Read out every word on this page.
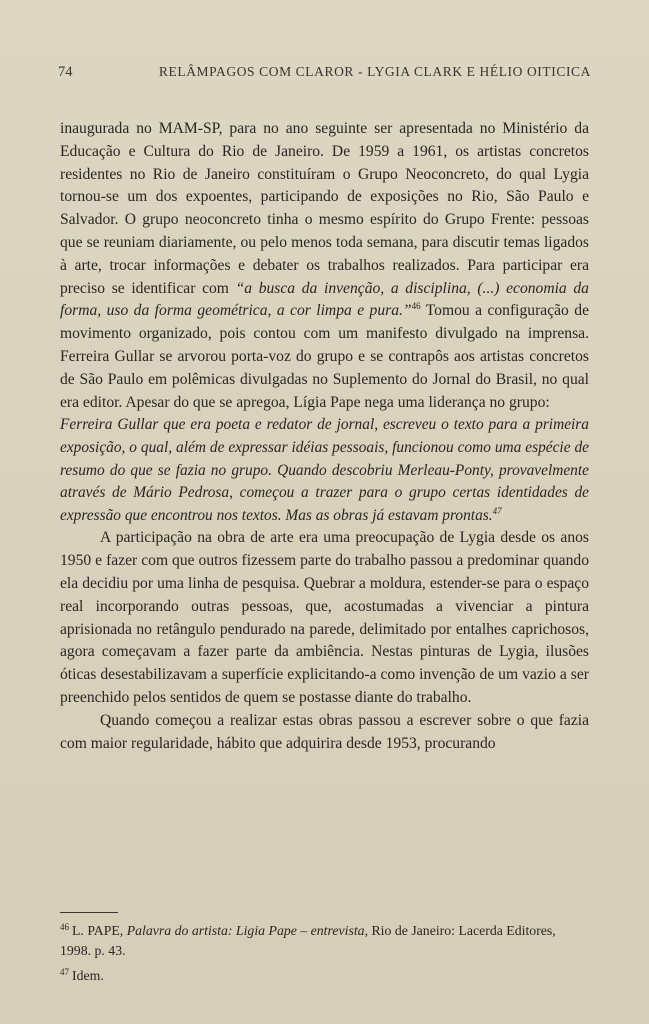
74	RELÂMPAGOS COM CLAROR - LYGIA CLARK E HÉLIO OITICICA

inaugurada no MAM-SP, para no ano seguinte ser apresentada no Ministério da Educação e Cultura do Rio de Janeiro. De 1959 a 1961, os artistas concretos residentes no Rio de Janeiro constituíram o Grupo Neoconcreto, do qual Lygia tornou-se um dos expoentes, participando de exposições no Rio, São Paulo e Salvador. O grupo neoconcreto tinha o mesmo espírito do Grupo Frente: pessoas que se reuniam diariamente, ou pelo menos toda semana, para discutir temas ligados à arte, trocar informações e debater os trabalhos realizados. Para participar era preciso se identificar com “a busca da invenção, a disciplina, (...) economia da forma, uso da forma geométrica, a cor limpa e pura.”$^{46}$ Tomou a configuração de movimento organizado, pois contou com um manifesto divulgado na imprensa. Ferreira Gullar se arvorou porta-voz do grupo e se contrapôs aos artistas concretos de São Paulo em polêmicas divulgadas no Suplemento do Jornal do Brasil, no qual era editor. Apesar do que se apregoa, Lígia Pape nega uma liderança no grupo:

Ferreira Gullar que era poeta e redator de jornal, escreveu o texto para a primeira exposição, o qual, além de expressar idéias pessoais, funcionou como uma espécie de resumo do que se fazia no grupo. Quando descobriu Merleau-Ponty, provavelmente através de Mário Pedrosa, começou a trazer para o grupo certas identidades de expressão que encontrou nos textos. Mas as obras já estavam prontas.$^{47}$

A participação na obra de arte era uma preocupação de Lygia desde os anos 1950 e fazer com que outros fizessem parte do trabalho passou a predominar quando ela decidiu por uma linha de pesquisa. Quebrar a moldura, estender-se para o espaço real incorporando outras pessoas, que, acostumadas a vivenciar a pintura aprisionada no retângulo pendurado na parede, delimitado por entalhes caprichosos, agora começavam a fazer parte da ambiência. Nestas pinturas de Lygia, ilusões óticas desestabilizavam a superfície explicitando-a como invenção de um vazio a ser preenchido pelos sentidos de quem se postasse diante do trabalho.

Quando começou a realizar estas obras passou a escrever sobre o que fazia com maior regularidade, hábito que adquirira desde 1953, procurando

$^{46}$ L. PAPE, Palavra do artista: Ligia Pape – entrevista, Rio de Janeiro: Lacerda Editores, 1998. p. 43.

$^{47}$ Idem.
